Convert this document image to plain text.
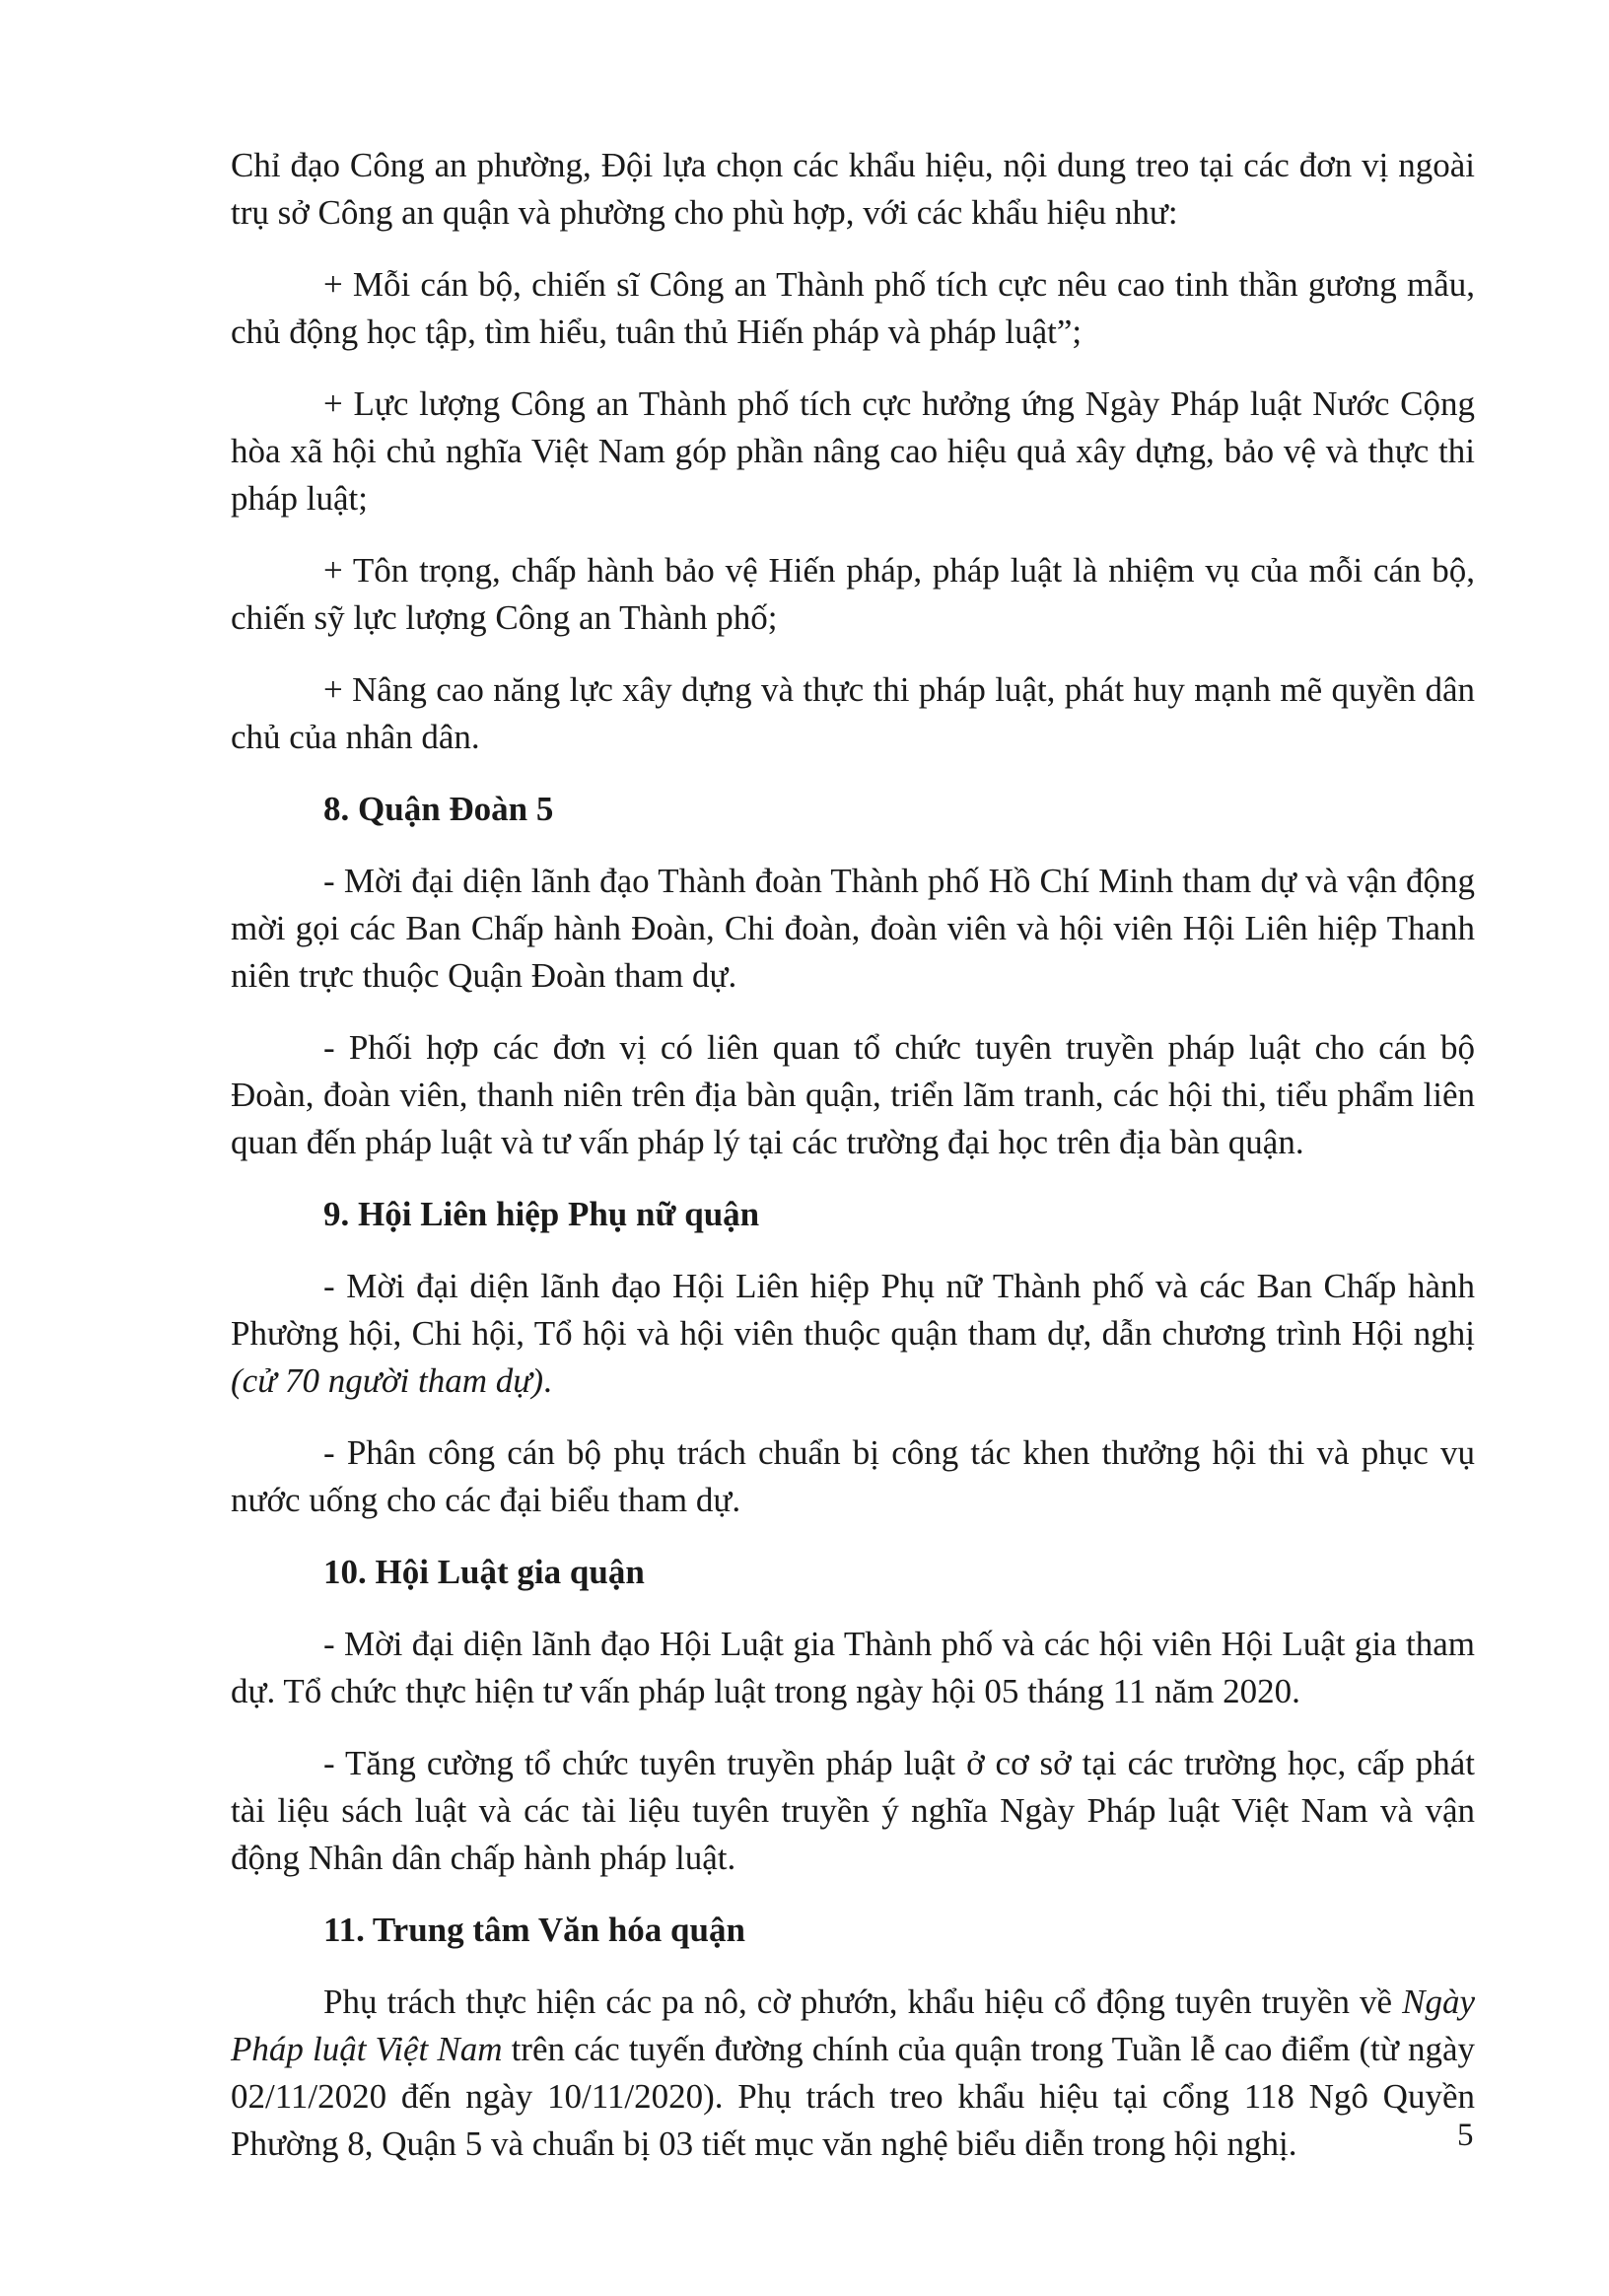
Chỉ đạo Công an phường, Đội lựa chọn các khẩu hiệu, nội dung treo tại các đơn vị ngoài trụ sở Công an quận và phường cho phù hợp, với các khẩu hiệu như:

+ Mỗi cán bộ, chiến sĩ Công an Thành phố tích cực nêu cao tinh thần gương mẫu, chủ động học tập, tìm hiểu, tuân thủ Hiến pháp và pháp luật”;

+ Lực lượng Công an Thành phố tích cực hưởng ứng Ngày Pháp luật Nước Cộng hòa xã hội chủ nghĩa Việt Nam góp phần nâng cao hiệu quả xây dựng, bảo vệ và thực thi pháp luật;

+ Tôn trọng, chấp hành bảo vệ Hiến pháp, pháp luật là nhiệm vụ của mỗi cán bộ, chiến sỹ lực lượng Công an Thành phố;

+ Nâng cao năng lực xây dựng và thực thi pháp luật, phát huy mạnh mẽ quyền dân chủ của nhân dân.

8. Quận Đoàn 5

- Mời đại diện lãnh đạo Thành đoàn Thành phố Hồ Chí Minh tham dự và vận động mời gọi các Ban Chấp hành Đoàn, Chi đoàn, đoàn viên và hội viên Hội Liên hiệp Thanh niên trực thuộc Quận Đoàn tham dự.

- Phối hợp các đơn vị có liên quan tổ chức tuyên truyền pháp luật cho cán bộ Đoàn, đoàn viên, thanh niên trên địa bàn quận, triển lãm tranh, các hội thi, tiểu phẩm liên quan đến pháp luật và tư vấn pháp lý tại các trường đại học trên địa bàn quận.

9. Hội Liên hiệp Phụ nữ quận

- Mời đại diện lãnh đạo Hội Liên hiệp Phụ nữ Thành phố và các Ban Chấp hành Phường hội, Chi hội, Tổ hội và hội viên thuộc quận tham dự, dẫn chương trình Hội nghị (cử 70 người tham dự).

- Phân công cán bộ phụ trách chuẩn bị công tác khen thưởng hội thi và phục vụ nước uống cho các đại biểu tham dự.

10. Hội Luật gia quận

- Mời đại diện lãnh đạo Hội Luật gia Thành phố và các hội viên Hội Luật gia tham dự. Tổ chức thực hiện tư vấn pháp luật trong ngày hội 05 tháng 11 năm 2020.

- Tăng cường tổ chức tuyên truyền pháp luật ở cơ sở tại các trường học, cấp phát tài liệu sách luật và các tài liệu tuyên truyền ý nghĩa Ngày Pháp luật Việt Nam và vận động Nhân dân chấp hành pháp luật.

11. Trung tâm Văn hóa quận

Phụ trách thực hiện các pa nô, cờ phướn, khẩu hiệu cổ động tuyên truyền về Ngày Pháp luật Việt Nam trên các tuyến đường chính của quận trong Tuần lễ cao điểm (từ ngày 02/11/2020 đến ngày 10/11/2020). Phụ trách treo khẩu hiệu tại cổng 118 Ngô Quyền Phường 8, Quận 5 và chuẩn bị 03 tiết mục văn nghệ biểu diễn trong hội nghị.	5
